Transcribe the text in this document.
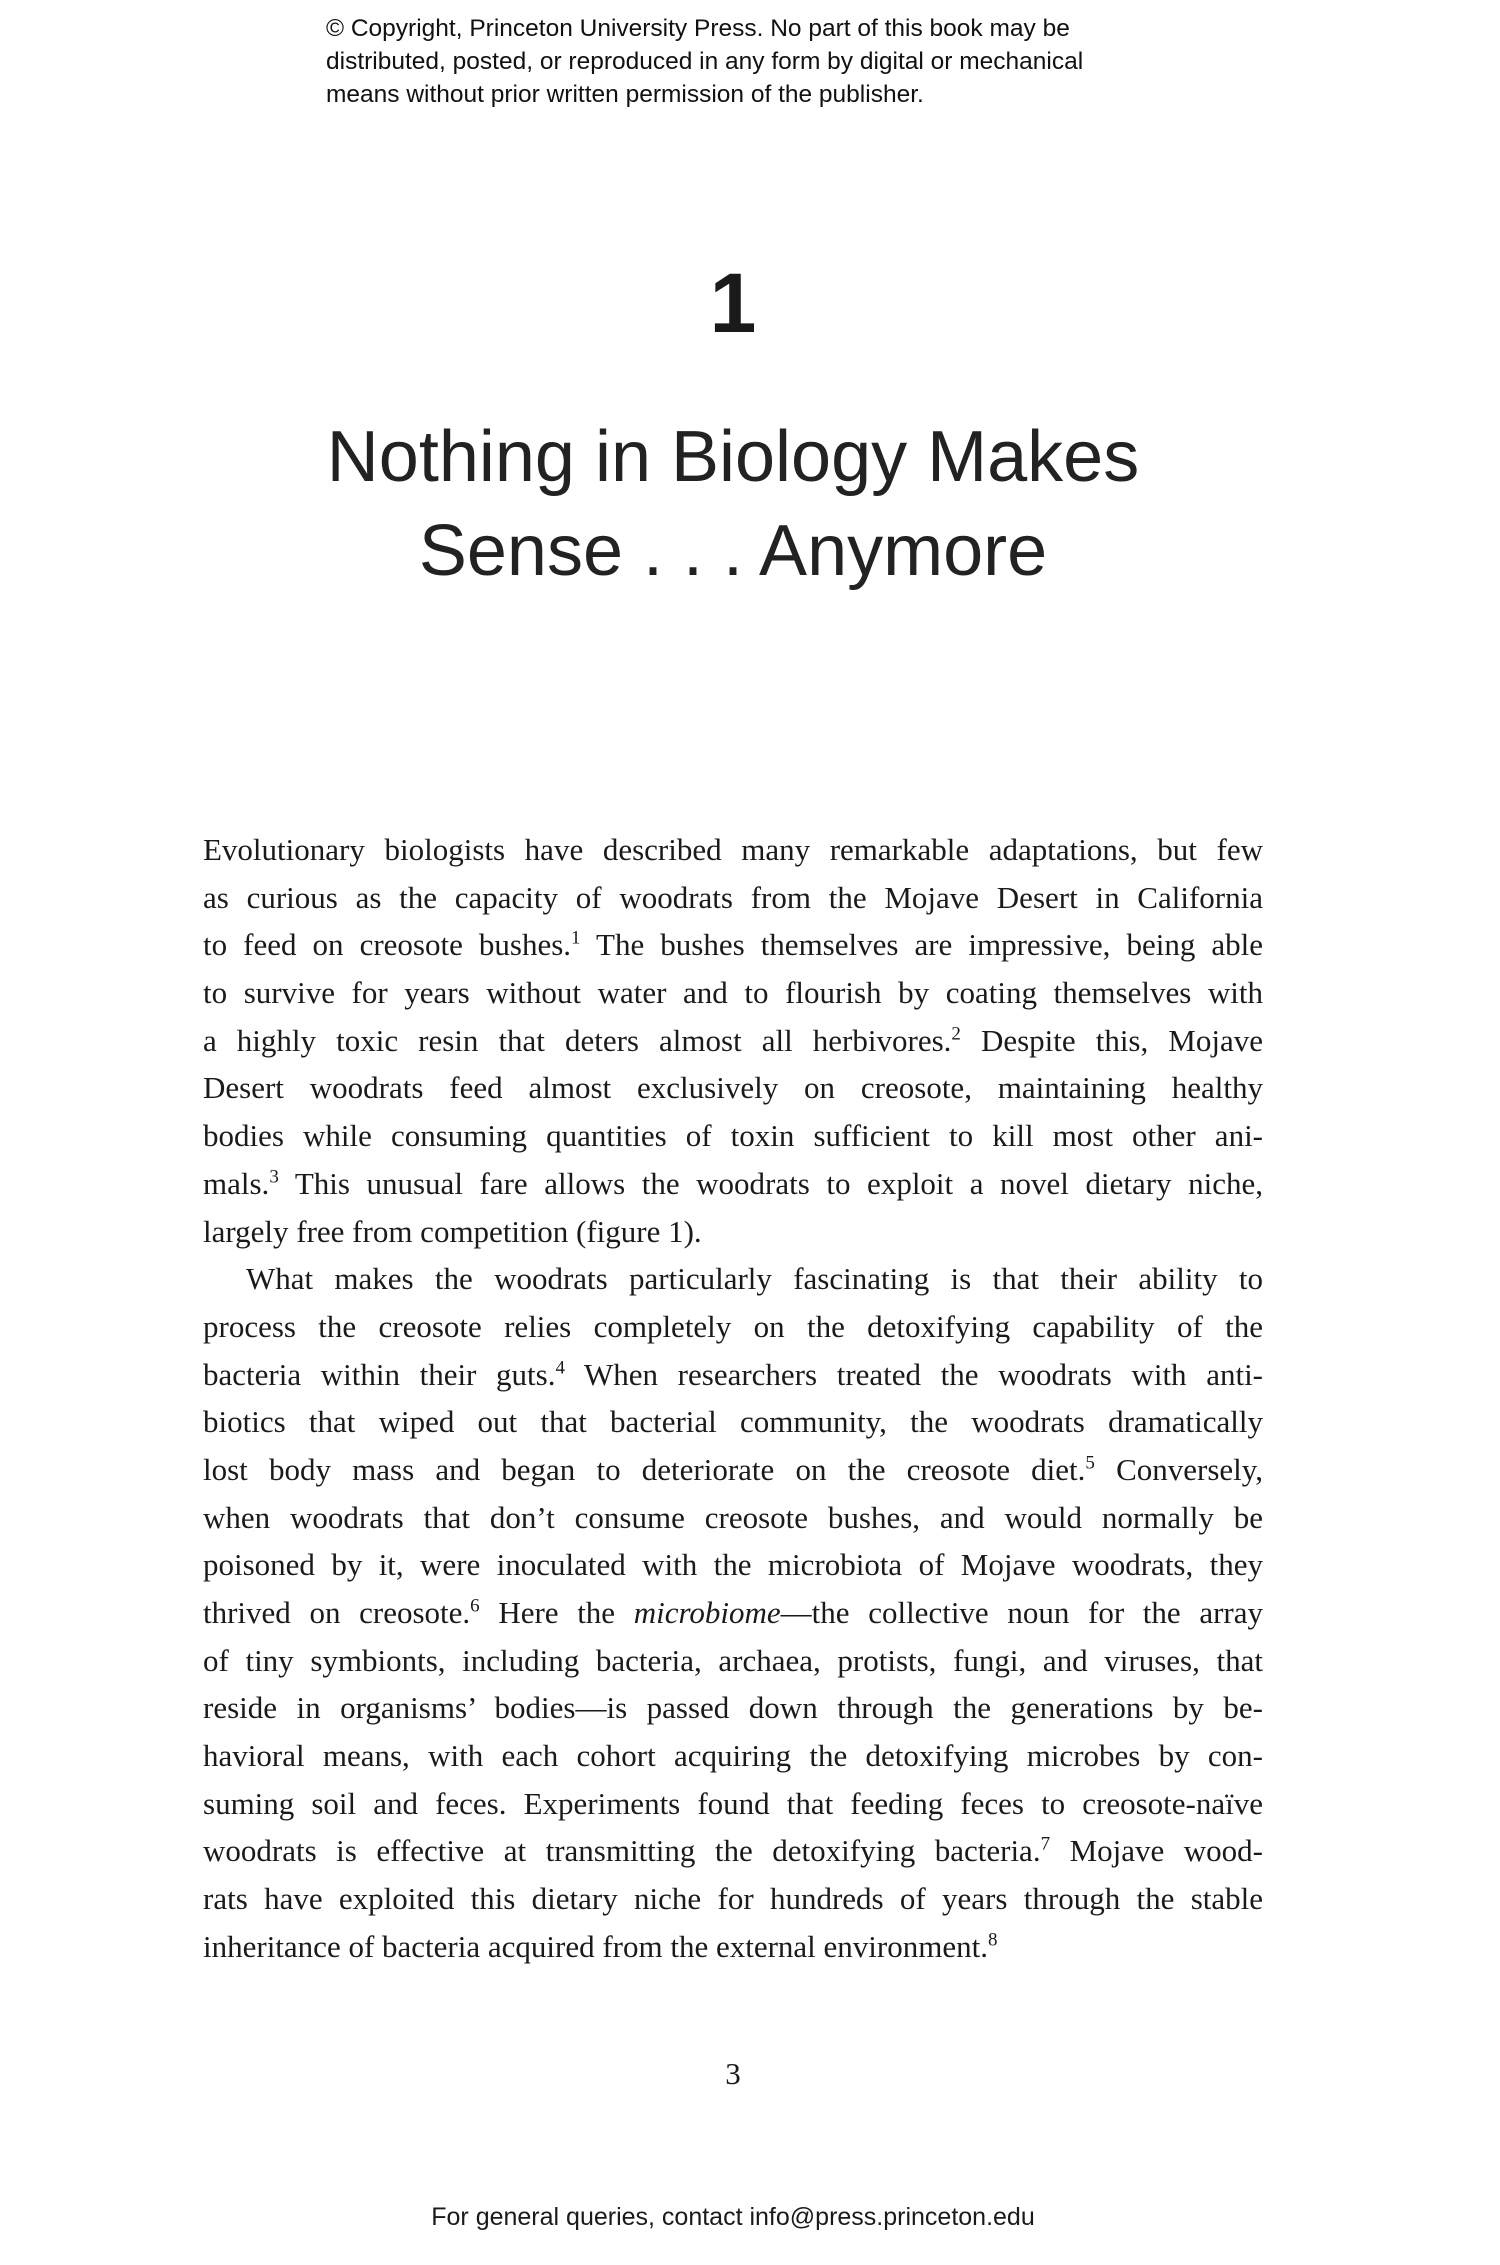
© Copyright, Princeton University Press. No part of this book may be
distributed, posted, or reproduced in any form by digital or mechanical
means without prior written permission of the publisher.
1
Nothing in Biology Makes
Sense . . . Anymore
Evolutionary biologists have described many remarkable adaptations, but few
as curious as the capacity of woodrats from the Mojave Desert in California
to feed on creosote bushes.$^1$ The bushes themselves are impressive, being able
to survive for years without water and to flourish by coating themselves with
a highly toxic resin that deters almost all herbivores.$^2$ Despite this, Mojave
Desert woodrats feed almost exclusively on creosote, maintaining healthy
bodies while consuming quantities of toxin sufficient to kill most other ani-
mals.$^3$ This unusual fare allows the woodrats to exploit a novel dietary niche,
largely free from competition (figure 1).
What makes the woodrats particularly fascinating is that their ability to
process the creosote relies completely on the detoxifying capability of the
bacteria within their guts.$^4$ When researchers treated the woodrats with anti-
biotics that wiped out that bacterial community, the woodrats dramatically
lost body mass and began to deteriorate on the creosote diet.$^5$ Conversely,
when woodrats that don’t consume creosote bushes, and would normally be
poisoned by it, were inoculated with the microbiota of Mojave woodrats, they
thrived on creosote.$^6$ Here the microbiome—the collective noun for the array
of tiny symbionts, including bacteria, archaea, protists, fungi, and viruses, that
reside in organisms’ bodies—is passed down through the generations by be-
havioral means, with each cohort acquiring the detoxifying microbes by con-
suming soil and feces. Experiments found that feeding feces to creosote-naïve
woodrats is effective at transmitting the detoxifying bacteria.$^7$ Mojave wood-
rats have exploited this dietary niche for hundreds of years through the stable
inheritance of bacteria acquired from the external environment.$^8$
3
For general queries, contact info@press.princeton.edu
